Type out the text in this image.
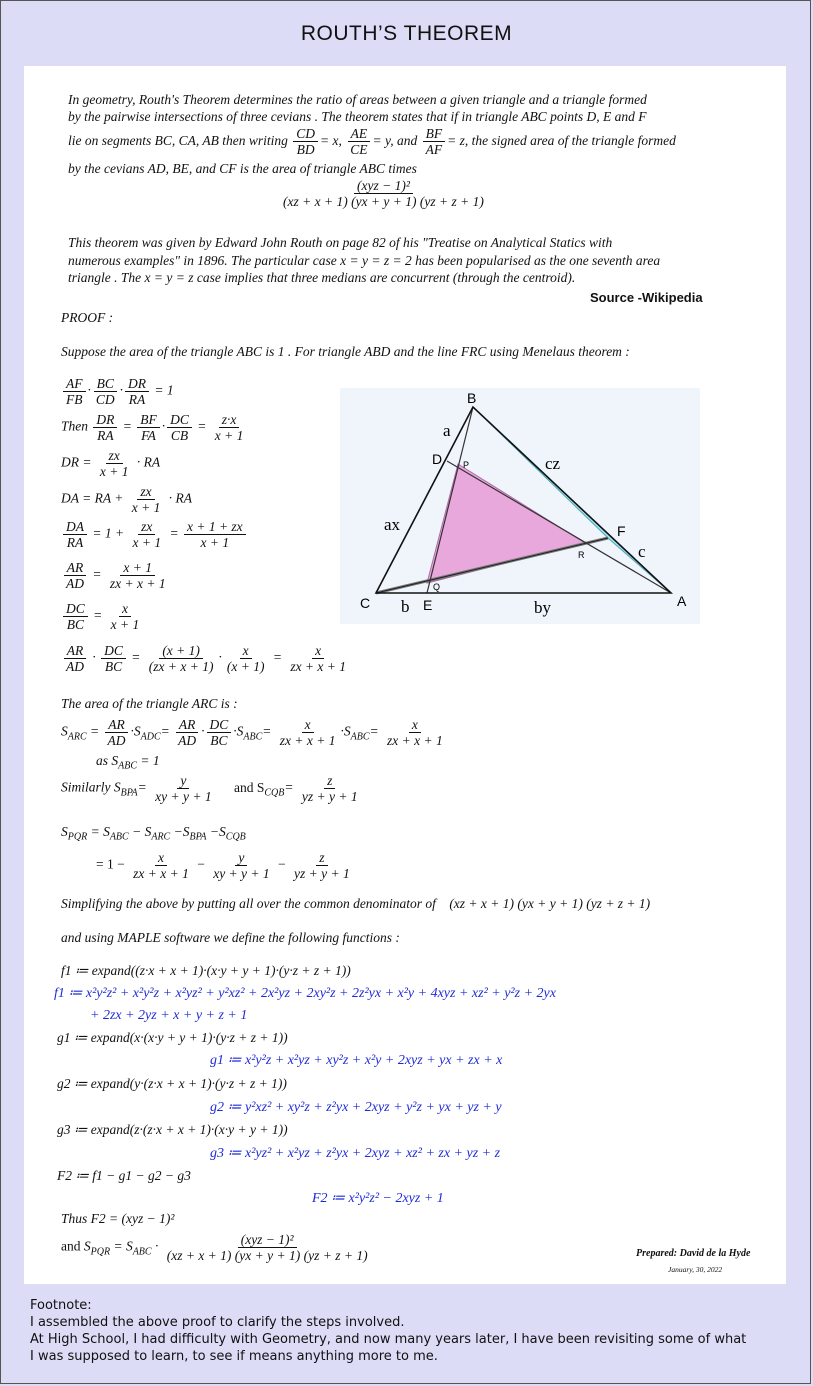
ROUTH’S THEOREM
In geometry, Routh's Theorem determines the ratio of areas between a given triangle and a triangle formed
by the pairwise intersections of three cevians . The theorem states that if in triangle ABC points D, E and F
lie on segments BC, CA, AB then writing $\frac{CD}{BD} = x$, $\frac{AE}{CE} = y$, and $\frac{BF}{AF} = z$, the signed area of the triangle formed
by the cevians AD, BE, and CF is the area of triangle ABC times
$\frac{\text{(xyz − 1)²}}{(xz + x + 1) (yx + y + 1) (yz + z + 1)}$
This theorem was given by Edward John Routh on page 82 of his "Treatise on Analytical Statics with
numerous examples" in 1896. The particular case x = y = z = 2 has been popularised as the one seventh area
triangle . The x = y = z case implies that three medians are concurrent (through the centroid).
Source -Wikipedia
PROOF :
Suppose the area of the triangle ABC is 1 . For triangle ABD and the line FRC using Menelaus theorem :
B
D P
F
R
Q
C	E	A
a
ax
cz
c
b	by
$\frac{AF}{FB} \cdot \frac{BC}{CD} \cdot \frac{DR}{RA} = 1$
Then $\frac{DR}{RA} = \frac{BF}{FA} \cdot \frac{DC}{CB} = \frac{z\cdot x}{x + 1}$
DR = $\frac{zx}{x + 1}$ · RA
DA = RA + $\frac{zx}{x + 1}$ · RA
$\frac{DA}{RA} = 1 + \frac{zx}{x + 1} = \frac{x + 1 + zx}{x + 1}$
$\frac{AR}{AD} = \frac{x + 1}{zx + x + 1}$
$\frac{DC}{BC} = \frac{x}{x + 1}$
$\frac{AR}{AD} \cdot \frac{DC}{BC} = \frac{(x + 1)}{(zx + x + 1)} \cdot \frac{x}{(x + 1)} = \frac{x}{zx + x + 1}$
The area of the triangle ARC is :
$S_{ARC} = \frac{AR}{AD} \cdot S_{ADC}= \frac{AR}{AD} \cdot \frac{DC}{BC} \cdot S_{ABC}= \frac{x}{zx + x + 1} \cdot S_{ABC}= \frac{x}{zx + x + 1}$
as $S_{ABC} = 1$
Similarly $S_{BPA}= \frac{y}{xy + y + 1}$ and $S_{CQB}= \frac{z}{yz + y + 1}$
$S_{PQR} = S_{ABC} - S_{ARC} -S_{BPA} -S_{CQB}$
= $1 - \frac{x}{zx + x + 1} - \frac{y}{xy + y + 1} - \frac{z}{yz + y + 1}$
Simplifying the above by putting all over the common denominator of (xz + x + 1) (yx + y + 1) (yz + z + 1)
and using MAPLE software we define the following functions :
f1 ≔ expand((z·x + x + 1)·(x·y + y + 1)·(y·z + z + 1))
f1 ≔ x²y²z² + x²y²z + x²yz² + y²xz² + 2x²yz + 2xy²z + 2z²yx + x²y + 4xyz + xz² + y²z + 2yx
+ 2zx + 2yz + x + y + z + 1
g1 ≔ expand(x·(x·y + y + 1)·(y·z + z + 1))
g1 ≔ x²y²z + x²yz + xy²z + x²y + 2xyz + yx + zx + x
g2 ≔ expand(y·(z·x + x + 1)·(y·z + z + 1))
g2 ≔ y²xz² + xy²z + z²yx + 2xyz + y²z + yx + yz + y
g3 ≔ expand(z·(z·x + x + 1)·(x·y + y + 1))
g3 ≔ x²yz² + x²yz + z²yx + 2xyz + xz² + zx + yz + z
F2 ≔ f1 − g1 − g2 − g3
F2 ≔ x²y²z² − 2xyz + 1
Thus F2 = (xyz − 1)²
and $S_{PQR} = S_{ABC} \cdot \frac{\text{(xyz − 1)²}}{(xz + x + 1) (yx + y + 1) (yz + z + 1)}$	Prepared: David de la Hyde
January, 30, 2022
Footnote:
I assembled the above proof to clarify the steps involved.
At High School, I had difficulty with Geometry, and now many years later, I have been revisiting some of what
I was supposed to learn, to see if means anything more to me.
